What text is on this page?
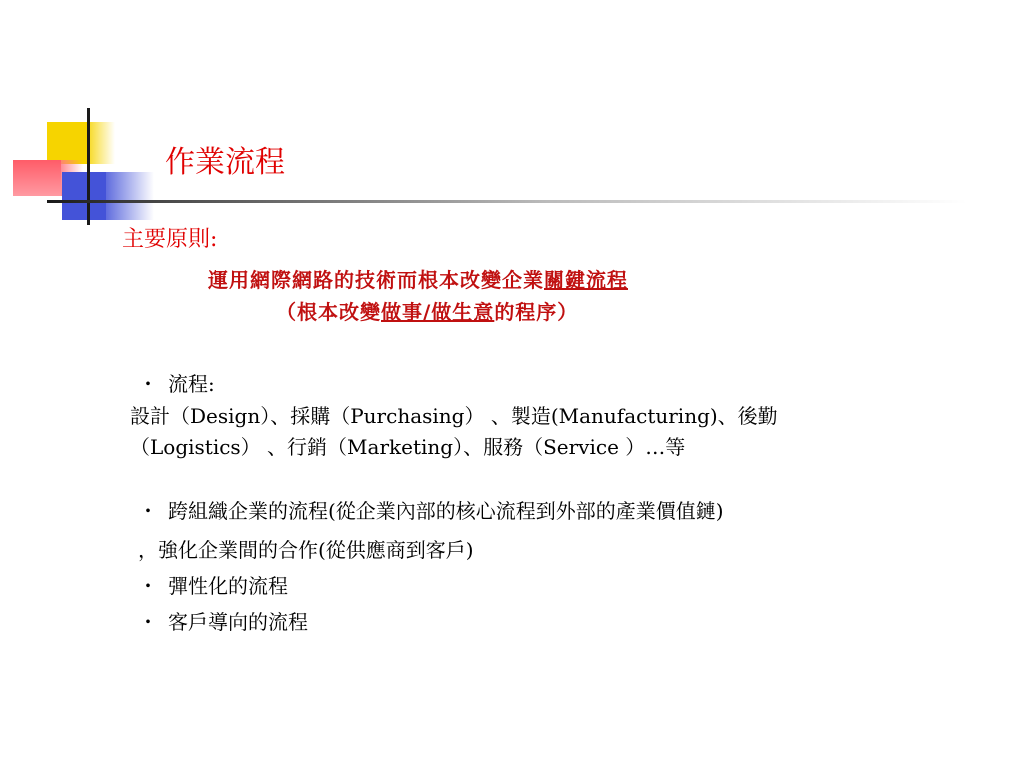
作業流程
主要原則:
運用網際網路的技術而根本改變企業關鍵流程
（根本改變做事/做生意的程序）
・ 流程:
設計（Design）、採購（Purchasing） 、製造(Manufacturing)、後勤
（Logistics） 、行銷（Marketing）、服務（Service ）…等
・ 跨組織企業的流程(從企業內部的核心流程到外部的產業價值鏈)
，強化企業間的合作(從供應商到客戶)
・ 彈性化的流程
・ 客戶導向的流程
